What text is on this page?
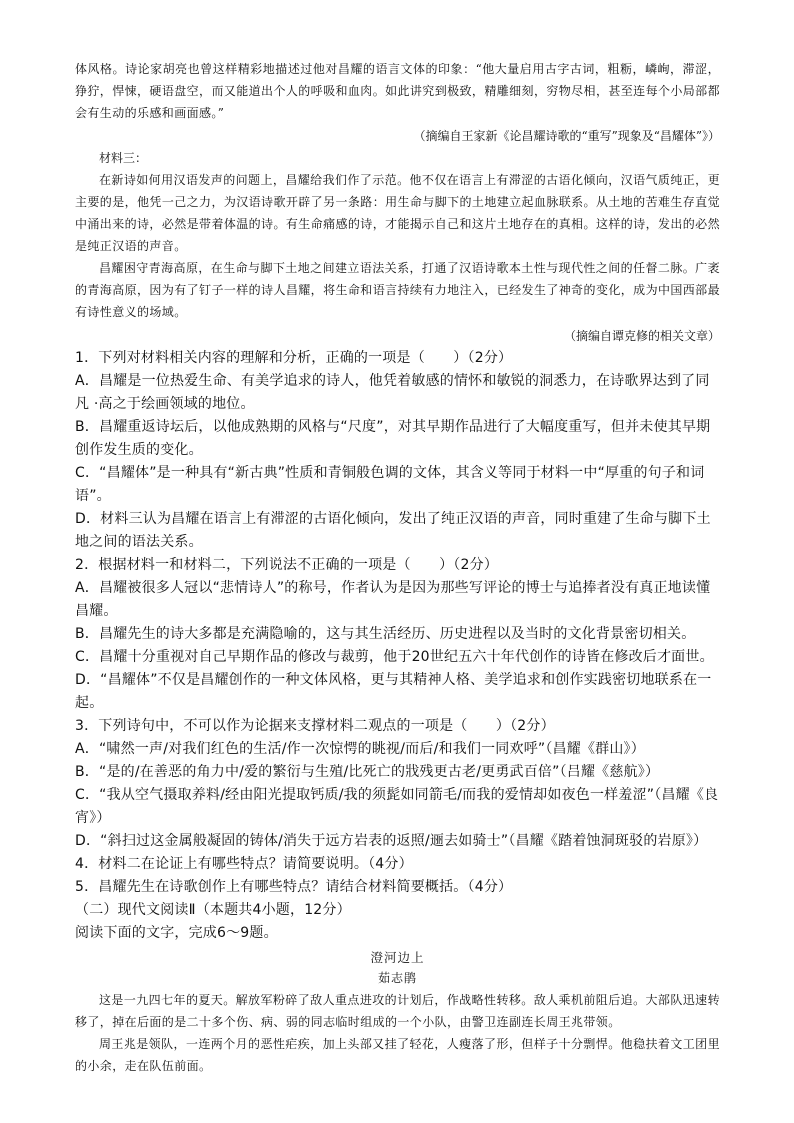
体风格。诗论家胡亮也曾这样精彩地描述过他对昌耀的语言文体的印象：“他大量启用古字古词，粗粝，嶙峋，滞涩，狰狞，悍悚，硬语盘空，而又能道出个人的呼吸和血肉。如此讲究到极致，精雕细刻，穷物尽相，甚至连每个小局部都会有生动的乐感和画面感。”

（摘编自王家新《论昌耀诗歌的“重写”现象及“昌耀体”》）

材料三：

在新诗如何用汉语发声的问题上，昌耀给我们作了示范。他不仅在语言上有滞涩的古语化倾向，汉语气质纯正，更主要的是，他凭一己之力，为汉语诗歌开辟了另一条路：用生命与脚下的土地建立起血脉联系。从土地的苦难生存直觉中涌出来的诗，必然是带着体温的诗。有生命痛感的诗，才能揭示自己和这片土地存在的真相。这样的诗，发出的必然是纯正汉语的声音。

昌耀困守青海高原，在生命与脚下土地之间建立语法关系，打通了汉语诗歌本土性与现代性之间的任督二脉。广袤的青海高原，因为有了钉子一样的诗人昌耀，将生命和语言持续有力地注入，已经发生了神奇的变化，成为中国西部最有诗性意义的场域。

（摘编自谭克修的相关文章）

1．下列对材料相关内容的理解和分析，正确的一项是（　　）（2分）

A．昌耀是一位热爱生命、有美学追求的诗人，他凭着敏感的情怀和敏锐的洞悉力，在诗歌界达到了同凡 ·高之于绘画领域的地位。

B．昌耀重返诗坛后，以他成熟期的风格与“尺度”，对其早期作品进行了大幅度重写，但并未使其早期创作发生质的变化。

C．“昌耀体”是一种具有“新古典”性质和青铜般色调的文体，其含义等同于材料一中“厚重的句子和词语”。

D．材料三认为昌耀在语言上有滞涩的古语化倾向，发出了纯正汉语的声音，同时重建了生命与脚下土地之间的语法关系。

2．根据材料一和材料二，下列说法不正确的一项是（　　）（2分）

A．昌耀被很多人冠以“悲情诗人”的称号，作者认为是因为那些写评论的博士与追捧者没有真正地读懂昌耀。

B．昌耀先生的诗大多都是充满隐喻的，这与其生活经历、历史进程以及当时的文化背景密切相关。

C．昌耀十分重视对自己早期作品的修改与裁剪，他于20世纪五六十年代创作的诗皆在修改后才面世。

D．“昌耀体”不仅是昌耀创作的一种文体风格，更与其精神人格、美学追求和创作实践密切地联系在一起。

3．下列诗句中，不可以作为论据来支撑材料二观点的一项是（　　）（2分）

A．“啸然一声/对我们红色的生活/作一次惊愕的眺视/而后/和我们一同欢呼”（昌耀《群山》）

B．“是的/在善恶的角力中/爱的繁衍与生殖/比死亡的戕残更古老/更勇武百倍”（吕耀《慈航》）

C．“我从空气摄取养料/经由阳光提取钙质/我的须髭如同箭毛/而我的爱情却如夜色一样羞涩”（昌耀《良宵》）

D．“斜扫过这金属般凝固的铸体/消失于远方岩表的返照/逦去如骑士”（昌耀《踏着蚀洞斑驳的岩原》）

4．材料二在论证上有哪些特点？请简要说明。（4分）

5．昌耀先生在诗歌创作上有哪些特点？请结合材料简要概括。（4分）

（二）现代文阅读Ⅱ（本题共4小题，12分）

阅读下面的文字，完成6～9题。

澄河边上

茹志鹃

这是一九四七年的夏天。解放军粉碎了敌人重点进攻的计划后，作战略性转移。敌人乘机前阻后追。大部队迅速转移了，掉在后面的是二十多个伤、病、弱的同志临时组成的一个小队，由警卫连副连长周王兆带领。

周王兆是领队，一连两个月的恶性疟疾，加上头部又挂了轻花，人瘦落了形，但样子十分剽悍。他稳扶着文工团里的小余，走在队伍前面。
